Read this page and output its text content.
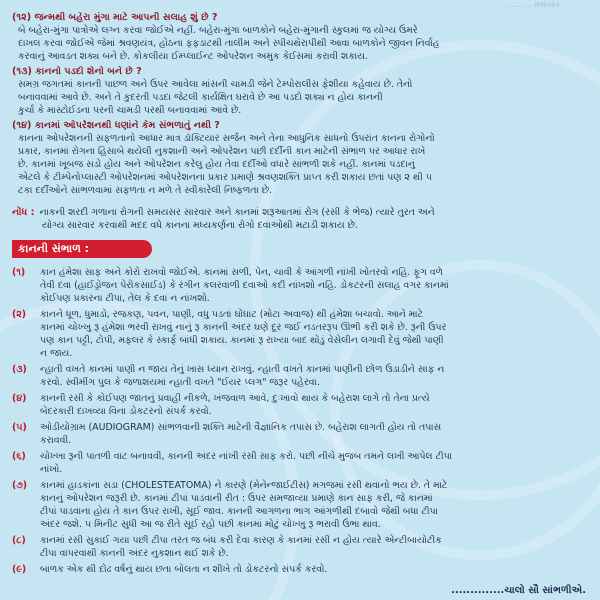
... … … સમાચાર
(૧૨) જન્મથી બહેરા મુંગા માટે આપની સલાહ શું છે ?
બે બહેરા-મુંગા પાત્રોએ લગ્ન કરવા જોઈએ નહીં. બહેરા-મુંગા બાળકોને બહેરા-મુંગાની સ્કુલમાં જ યોગ્ય ઉંમરે
દાખલ કરવા જોઈએ જેમાં શ્રવણયંત્ર, હોઠના ફફડાટથી તાલીમ અને સ્પીચથેરાપીથી આવા બાળકોને જીવન નિર્વાહ
કરવાનું આવડત શક્ય બને છે. કોકલીયા ઈમ્પ્લાઈન્ટ ઓપરેશન અમુક કેઈસમાં કરાવી શકાય.
(૧૩) કાનનો પડદો શેનો બને છે ?
સમગ્ર જગતમાં કાનની પાછળ અને ઉપર આવેલા માંસની ચામડી જેને ટેમ્પોરાલીસ ફેશીયા કહેવાય છે. તેનો
બનાવવામાં આવે છે. અને તે કુદરતી પડદા જેટલી કાર્યક્ષિત ઘરાવે છે આ પડદો શક્ય ન હોય કાનની
કુર્ચા કે માસ્ટોઈડના પરની ચામડી પરથી બનાવવામાં આવે છે.
(૧૪) કાનમાં ઓપરેશનથી ધણાંને કેમ સંભળાતું નથી ?
કાનના ઓપરેશનની સફળતાનો આધાર માત્ર ડૉક્ટિયાર સર્જન અને તેના આધુનિક સાધનો ઉપરાંત કાનના રોગોનો
પ્રકાર, કાનમાં રોગના હિસાબે થયેલી નુકશાની અને ઓપરેશન પછી દર્દીની કાન માટેની સંભાળ પર આધાર રાખે
છે. કાનમાં ખૂબજ સડો હોય અને ઓપરેશન કરેલુ હોય તેવા દર્દીઓ વધારે સાંભળી શકે નહીં. કાનમાં પડદાનું
એટલે કે ટીમ્પેનોપ્લાસ્ટી ઓપરેશનમાં ઓપરેશનના પ્રકાર પ્રમાણે શ્રવણશક્તિ પ્રાપ્ત કરી શકાય છતાં પણ ૨ થી ૫
ટકા દર્દીઓને સાંભળવામાં સફળતા ન મળે તે સ્વીકારેલી નિષ્ફળતા છે.
નોંધ : નાકની શરદી ગળાના રોગની સમયસર સારવાર અને કાનમાં શરૂઆતમાં રોગ (રસી કે ભેજ) ત્યારે તુરત અને
યોગ્ય સારવાર કરવાથી મદદ વધે કાનના મધ્યકર્ણના રોગો દવાઓથી મટાડી શકાય છે.
કાનની સંભાળ :
(૧)	કાન હંમેશા સાફ અને કોરો રાખવો જોઈએ. કાનમાં સળી, પેન, ચાવી કે આંગળી નાંખી ખોતરવો નહિ. ફૂગ વળે
તેવી દવા (હાઈડ્રોજન પેરોકસાઈડ) કે રંગીન કલરવાળી દવાઓ કદી નાંખશો નહિ. ડોકટરની સલાહ વગર કાનમાં
કોઈપણ પ્રકારના ટીપા, તેલ કે દવા ન નાંખશો.
(૨)	કાનને ધૂળ, ધુમાડો, રજકણ, પવન, પાણી, વધુ પડતાં ઘોંઘાટ (મોટા અવાજ) થી હંમેશા બચાવો. આને માટે
કાનમાં ચોખ્ખુ રૂ હંમેશા ભરવી રાખવું નાનું રૂ કાનની અંદર ઘણે દૂર જઈ નડતરરૂપ ઊભી કરી શકે છે. રૂની ઉપર
પણ કાન પટ્ટી, ટોપી, મફલર કે સ્કાર્ફ બાંધી શકાય. કાનમાં રૂ રાખ્યા બાદ થોડું વેસેલીન લગાવી દેવું જેથી પાણી
ન જાય.
(૩)	ન્હાતી વખતે કાનમાં પાણી ન જાય તેનું ખાસ ધ્યાન રાખવું. ન્હાતી વખતે કાનમાં પાણીની છોળ ઉડાડીને સાફ ન
કરવો. સ્વીમીંગ પુલ કે જળાશયમાં ન્હાતી વખતે "ઈયર પ્લગ" જરૂર પહેરવા.
(૪)	કાનની રસી કે કોઈપણ જાતનું પ્રવાહી નીકળે, ખંજવાળ આવે, દુઃખાવો થાય કે બહેરાશ લાગે તો તેના પ્રત્યે
બેદરકારી દાખવ્યા વિના ડોકટરનો સંપર્ક કરવો.
(૫)	ઓડીયોગ્રામ (AUDIOGRAM) સાંભળવાની શક્તિ માટેની વૈજ્ઞાનિક તપાસ છે. બહેરાશ લાગતી હોય તો તપાસ
કરાવવી.
(૬)	ચોખ્ખા રૂની પાતળી વાટ બનાવવી, કાનની અંદર નાંખી રસી સાફ કરો. પછી નીચે મુજબ તમને લખી આપેલ ટીપા
નાંખો.
(૭)	કાનમાં હાડકાંના સડા (CHOLESTEATOMA) ને કારણે (મેનેન્જાઈટીસ) મગજમાં રસી થવાનો ભય છે. તે માટે
કાનનું ઓપરેશન જરૂરી છે. કાનમાં ટીપાં પાડવાની રીત : ઉપર સમજાવ્યા પ્રમાણે કાન સાફ કરી, જે કાનમાં
ટીપાં પાડવાના હોય તે કાન ઉપર રાખી, સૂઈ જાવ. કાનની આગળના ભાગ આંગળીથી દબાવો જેથી બધા ટીપા
અંદર જશે. ૫ મિનીટ સુધી આ જ રીતે સૂઈ રહો પછી કાનમાં મોટું ચોખ્ખુ રૂ ભરાવી ઉભા થાવ.
(૮)	કાનમાં રસી સુકાઈ ગયા પછી ટીપા તરત જ બંધ કરી દેવા કારણ કે કાનમાં રસી ન હોય ત્યારે એન્ટીબાયોટીક
ટીપા વાપરવાથી કાનની અંદર નુકશાન થઈ શકે છે.
(૯)	બાળક એક થી દોઢ વર્ષનું થાય છતા બોલતા ન શીખે તો ડોકટરનો સંપર્ક કરવો.
..............ચાલો સૌ સાંભળીએ.
